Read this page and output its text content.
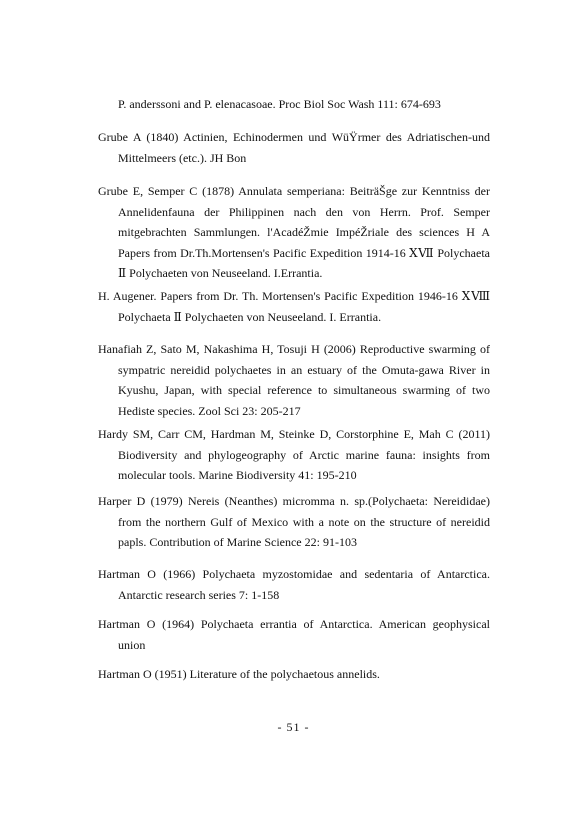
P. anderssoni and P. elenacasoae. Proc Biol Soc Wash 111: 674-693
Grube A (1840) Actinien, Echinodermen und WüŸrmer des Adriatischen-und Mittelmeers (etc.). JH Bon
Grube E, Semper C (1878) Annulata semperiana: BeiträŠge zur Kenntniss der Annelidenfauna der Philippinen nach den von Herrn. Prof. Semper mitgebrachten Sammlungen. l'AcadéŽmie ImpéŽriale des sciences H A Papers from Dr.Th.Mortensen's Pacific Expedition 1914-16 ⅩⅦ Polychaeta Ⅱ Polychaeten von Neuseeland. I.Errantia.
H. Augener. Papers from Dr. Th. Mortensen's Pacific Expedition 1946-16 ⅩⅧ Polychaeta Ⅱ Polychaeten von Neuseeland. I. Errantia.
Hanafiah Z, Sato M, Nakashima H, Tosuji H (2006) Reproductive swarming of sympatric nereidid polychaetes in an estuary of the Omuta-gawa River in Kyushu, Japan, with special reference to simultaneous swarming of two Hediste species. Zool Sci 23: 205-217
Hardy SM, Carr CM, Hardman M, Steinke D, Corstorphine E, Mah C (2011) Biodiversity and phylogeography of Arctic marine fauna: insights from molecular tools. Marine Biodiversity 41: 195-210
Harper D (1979) Nereis (Neanthes) micromma n. sp.(Polychaeta: Nereididae) from the northern Gulf of Mexico with a note on the structure of nereidid papls. Contribution of Marine Science 22: 91-103
Hartman O (1966) Polychaeta myzostomidae and sedentaria of Antarctica. Antarctic research series 7: 1-158
Hartman O (1964) Polychaeta errantia of Antarctica. American geophysical union
Hartman O (1951) Literature of the polychaetous annelids.
- 51 -
